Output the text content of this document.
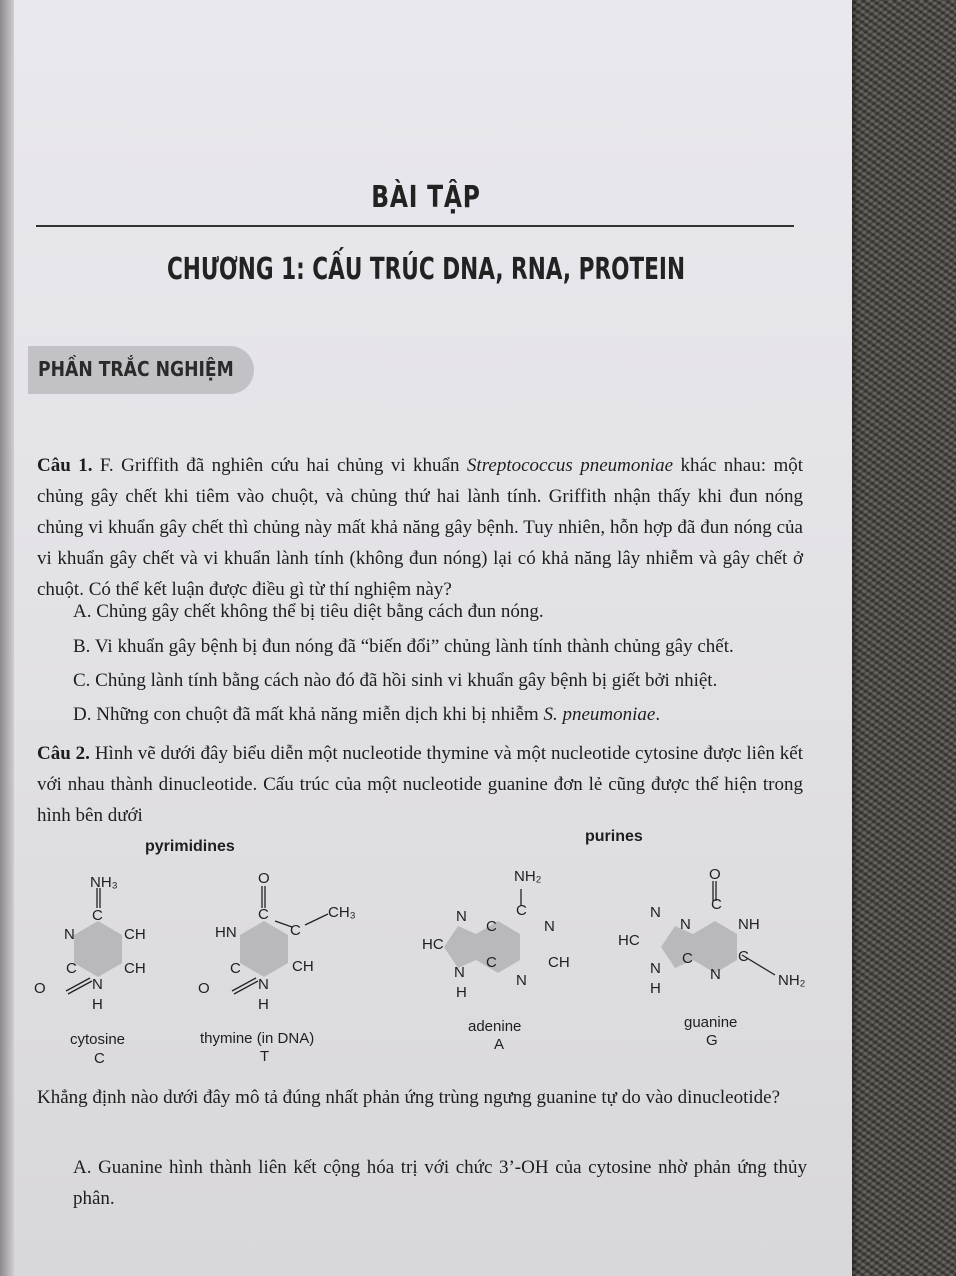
BÀI TẬP
CHƯƠNG 1: CẤU TRÚC DNA, RNA, PROTEIN
PHẦN TRẮC NGHIỆM
Câu 1. F. Griffith đã nghiên cứu hai chủng vi khuẩn Streptococcus pneumoniae khác nhau: một chủng gây chết khi tiêm vào chuột, và chủng thứ hai lành tính. Griffith nhận thấy khi đun nóng chủng vi khuẩn gây chết thì chủng này mất khả năng gây bệnh. Tuy nhiên, hỗn hợp đã đun nóng của vi khuẩn gây chết và vi khuẩn lành tính (không đun nóng) lại có khả năng lây nhiễm và gây chết ở chuột. Có thể kết luận được điều gì từ thí nghiệm này?
A. Chủng gây chết không thể bị tiêu diệt bằng cách đun nóng.
B. Vi khuẩn gây bệnh bị đun nóng đã “biến đổi” chủng lành tính thành chủng gây chết.
C. Chủng lành tính bằng cách nào đó đã hồi sinh vi khuẩn gây bệnh bị giết bởi nhiệt.
D. Những con chuột đã mất khả năng miễn dịch khi bị nhiễm S. pneumoniae.
Câu 2. Hình vẽ dưới đây biểu diễn một nucleotide thymine và một nucleotide cytosine được liên kết với nhau thành dinucleotide. Cấu trúc của một nucleotide guanine đơn lẻ cũng được thể hiện trong hình bên dưới
pyrimidines
purines
NH₃
C
N	CH
C	CH
N
O
H
cytosine
C
O
C	CH₃
HN	C
C	CH
N
O
H
thymine (in DNA)
T
NH₂
C
N
C	N
HC
N
C
N
CH
H
adenine
A
O
C
N
N	NH
HC
N
C
N
C
NH₂
H
guanine
G
Khẳng định nào dưới đây mô tả đúng nhất phản ứng trùng ngưng guanine tự do vào dinucleotide?
A. Guanine hình thành liên kết cộng hóa trị với chức 3’-OH của cytosine nhờ phản ứng thủy phân.
